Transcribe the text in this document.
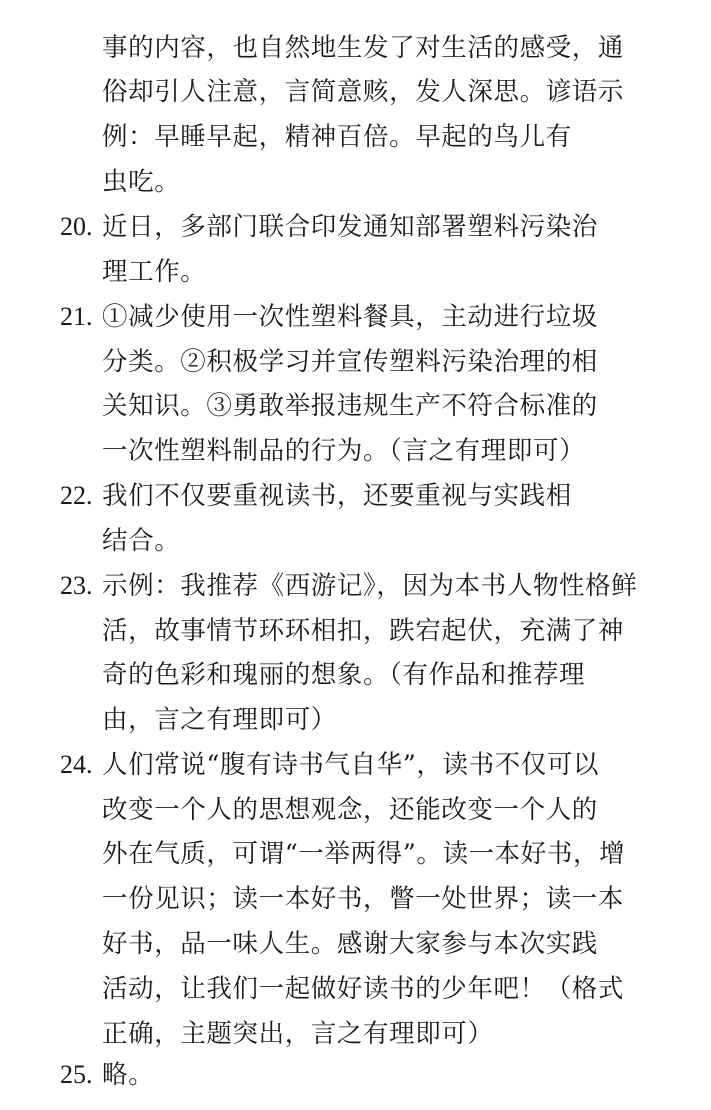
事的内容，也自然地生发了对生活的感受，通
俗却引人注意，言简意赅，发人深思。谚语示
例：早睡早起，精神百倍。早起的鸟儿有
虫吃。
20. 近日，多部门联合印发通知部署塑料污染治
理工作。
21. ①减少使用一次性塑料餐具，主动进行垃圾
分类。②积极学习并宣传塑料污染治理的相
关知识。③勇敢举报违规生产不符合标准的
一次性塑料制品的行为。（言之有理即可）
22. 我们不仅要重视读书，还要重视与实践相
结合。
23. 示例：我推荐《西游记》，因为本书人物性格鲜
活，故事情节环环相扣，跌宕起伏，充满了神
奇的色彩和瑰丽的想象。（有作品和推荐理
由，言之有理即可）
24. 人们常说“腹有诗书气自华”，读书不仅可以
改变一个人的思想观念，还能改变一个人的
外在气质，可谓“一举两得”。读一本好书，增
一份见识；读一本好书，瞥一处世界；读一本
好书，品一味人生。感谢大家参与本次实践
活动，让我们一起做好读书的少年吧！（格式
正确，主题突出，言之有理即可）
25. 略。
